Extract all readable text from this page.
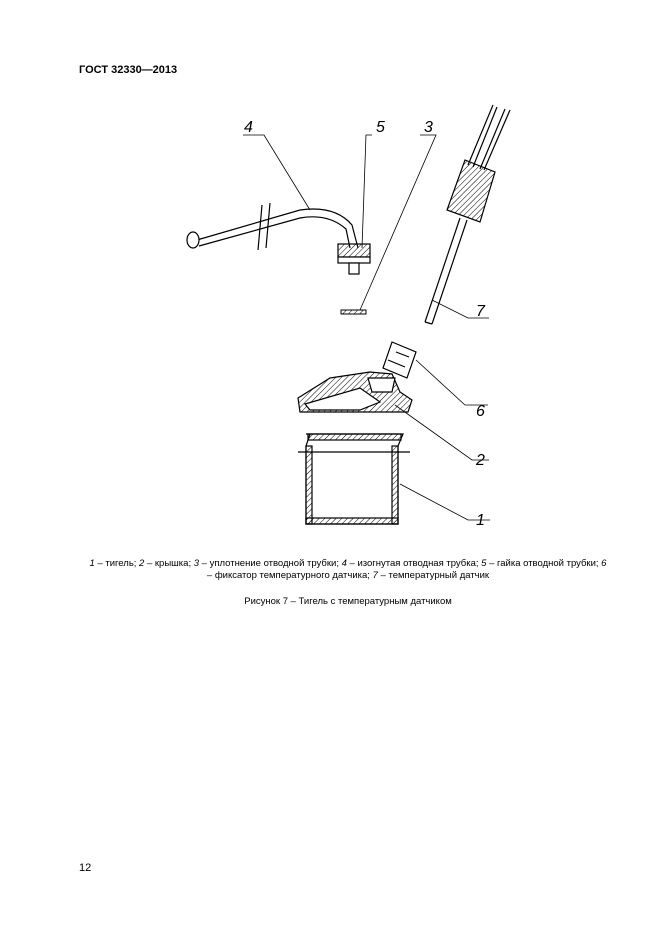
ГОСТ 32330—2013
4	5 3
7
6
2
1
1 – тигель; 2 – крышка; 3 – уплотнение отводной трубки; 4 – изогнутая отводная трубка; 5 – гайка отводной трубки; 6 – фиксатор температурного датчика; 7 – температурный датчик
Рисунок 7 – Тигель с температурным датчиком
12
